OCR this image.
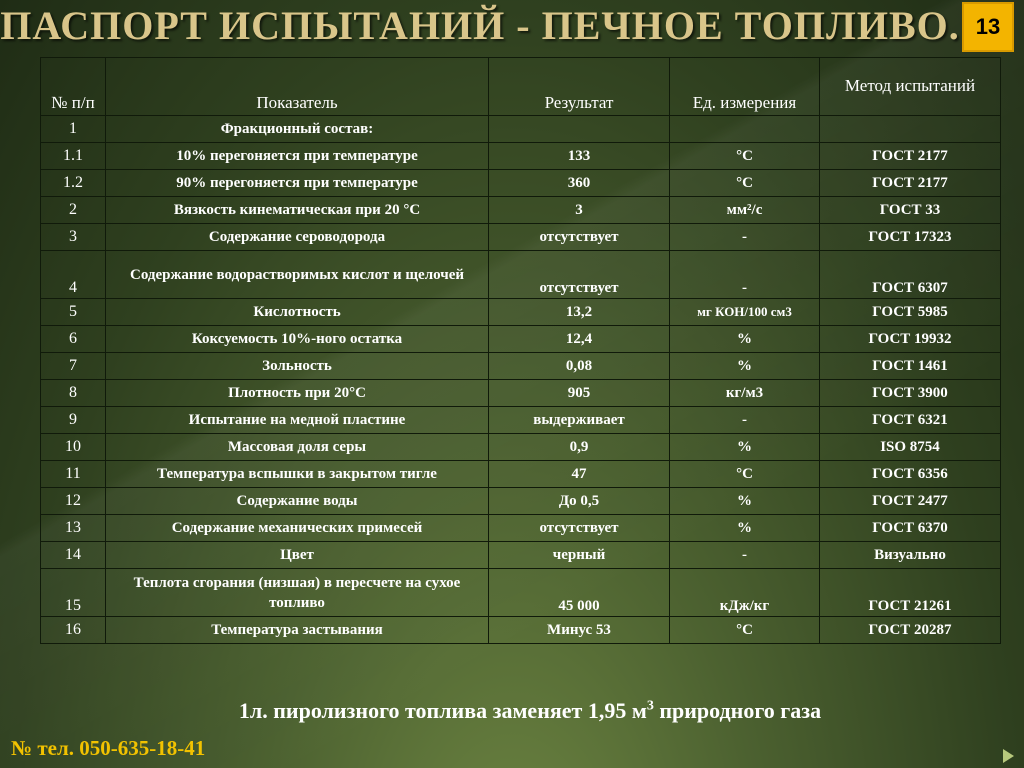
ПАСПОРТ ИСПЫТАНИЙ - ПЕЧНОЕ ТОПЛИВО. 13
№ п/п	Показатель	Результат	Ед. измерения	Метод испытаний
1	Фракционный состав:			
1.1	10% перегоняется при температуре	133	°С	ГОСТ 2177
1.2	90% перегоняется при температуре	360	°С	ГОСТ 2177
2	Вязкость кинематическая при 20 °С	3	мм²/с	ГОСТ 33
3	Содержание сероводорода	отсутствует	-	ГОСТ 17323
4	Содержание водорастворимых кислот и щелочей	отсутствует	-	ГОСТ 6307
5	Кислотность	13,2	мг КОН/100 см3	ГОСТ 5985
6	Коксуемость 10%-ного остатка	12,4	%	ГОСТ 19932
7	Зольность	0,08	%	ГОСТ 1461
8	Плотность при 20°С	905	кг/м3	ГОСТ 3900
9	Испытание на медной пластине	выдерживает	-	ГОСТ 6321
10	Массовая доля серы	0,9	%	ISO 8754
11	Температура вспышки в закрытом тигле	47	°С	ГОСТ 6356
12	Содержание воды	До 0,5	%	ГОСТ 2477
13	Содержание механических примесей	отсутствует	%	ГОСТ 6370
14	Цвет	черный	-	Визуально
15	Теплота сгорания (низшая) в пересчете на сухое топливо	45 000	кДж/кг	ГОСТ 21261
16	Температура застывания	Минус 53	°С	ГОСТ 20287
1л. пиролизного топлива заменяет 1,95 $м^3$ природного газа
№ тел. 050-635-18-41
